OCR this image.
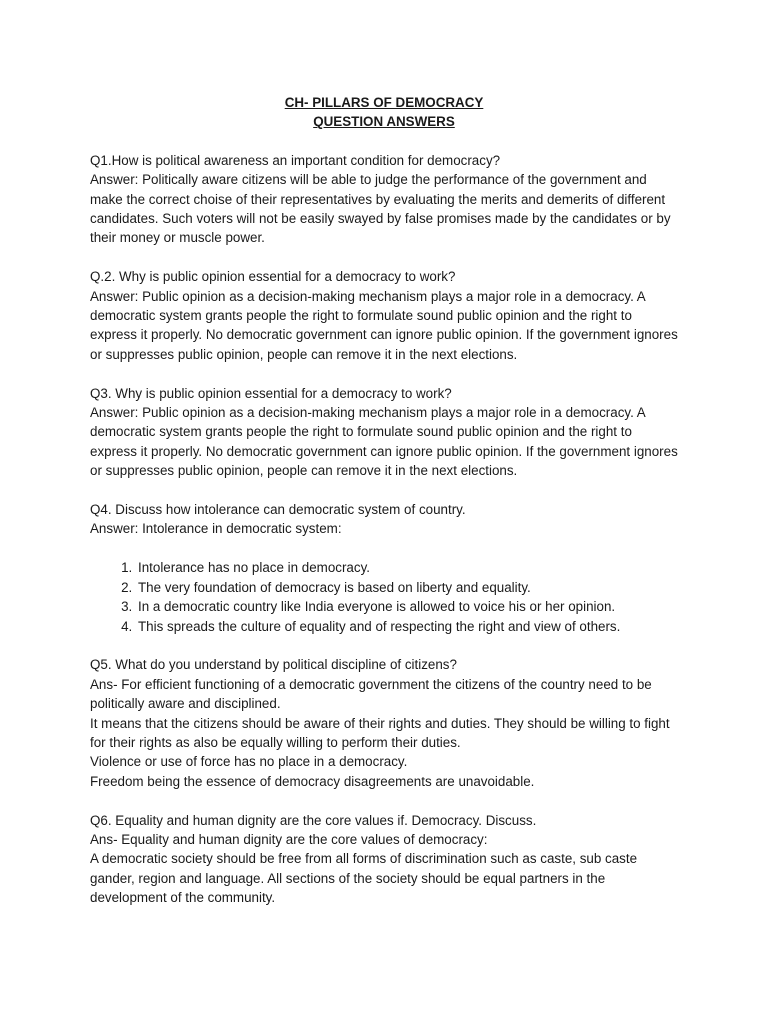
CH- PILLARS OF DEMOCRACY

QUESTION ANSWERS

Q1.How is political awareness an important condition for democracy?
Answer: Politically aware citizens will be able to judge the performance of the government and make the correct choise of their representatives by evaluating the merits and demerits of different candidates. Such voters will not be easily swayed by false promises made by the candidates or by their money or muscle power.
Q.2. Why is public opinion essential for a democracy to work?
Answer: Public opinion as a decision-making mechanism plays a major role in a democracy. A democratic system grants people the right to formulate sound public opinion and the right to express it properly. No democratic government can ignore public opinion. If the government ignores or suppresses public opinion, people can remove it in the next elections.
Q3. Why is public opinion essential for a democracy to work?
Answer: Public opinion as a decision-making mechanism plays a major role in a democracy. A democratic system grants people the right to formulate sound public opinion and the right to express it properly. No democratic government can ignore public opinion. If the government ignores or suppresses public opinion, people can remove it in the next elections.
Q4. Discuss how intolerance can democratic system of country.
Answer: Intolerance in democratic system:
1. Intolerance has no place in democracy.
2. The very foundation of democracy is based on liberty and equality.
3. In a democratic country like India everyone is allowed to voice his or her opinion.
4. This spreads the culture of equality and of respecting the right and view of others.
Q5. What do you understand by political discipline of citizens?
Ans- For efficient functioning of a democratic government the citizens of the country need to be politically aware and disciplined.
It means that the citizens should be aware of their rights and duties. They should be willing to fight for their rights as also be equally willing to perform their duties.
Violence or use of force has no place in a democracy.
Freedom being the essence of democracy disagreements are unavoidable.
Q6. Equality and human dignity are the core values if. Democracy. Discuss.
Ans- Equality and human dignity are the core values of democracy:
A democratic society should be free from all forms of discrimination such as caste, sub caste gander, region and language. All sections of the society should be equal partners in the development of the community.
